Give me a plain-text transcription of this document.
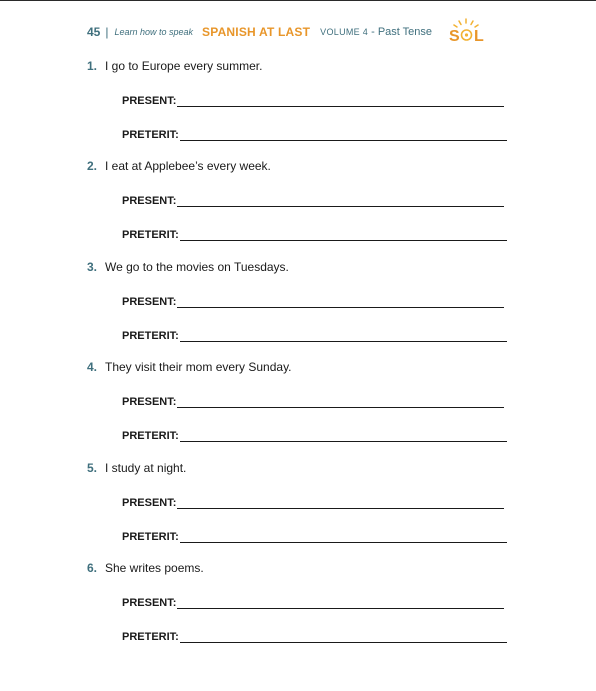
45 | Learn how to speak SPANISH AT LAST VOLUME 4 - Past Tense S L
1. I go to Europe every summer.
PRESENT:
PRETERIT:
2. I eat at Applebee’s every week.
PRESENT:
PRETERIT:
3. We go to the movies on Tuesdays.
PRESENT:
PRETERIT:
4. They visit their mom every Sunday.
PRESENT:
PRETERIT:
5. I study at night.
PRESENT:
PRETERIT:
6. She writes poems.
PRESENT:
PRETERIT:
